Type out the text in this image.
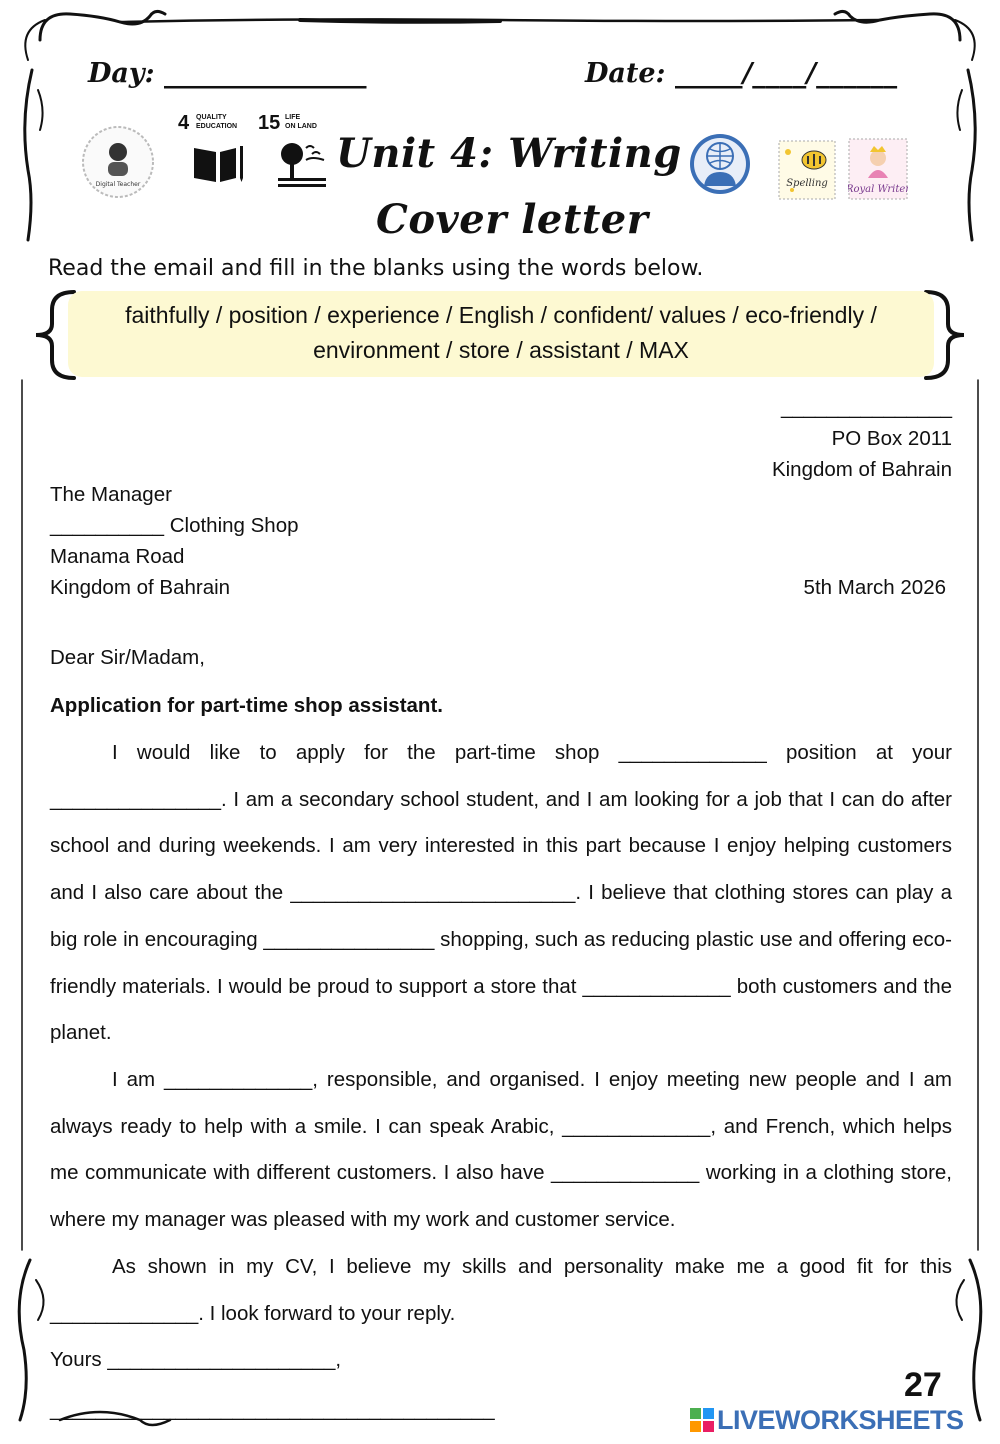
Day: _______________	Date: _____/____/______
Digital Teacher
4 QUALITY
EDUCATION 15 LIFE
ON LAND
Unit 4: Writing
Cover letter
Spelling
Royal Writer
Read the email and fill in the blanks using the words below.
faithfully / position / experience / English / confident/ values / eco-friendly /
environment / store / assistant / MAX
_______________
PO Box 2011
Kingdom of Bahrain
The Manager
__________ Clothing Shop
Manama Road
Kingdom of Bahrain	5th March 2026
Dear Sir/Madam,
Application for part-time shop assistant.
I would like to apply for the part-time shop _____________ position at your _______________. I am a secondary school student, and I am looking for a job that I can do after school and during weekends. I am very interested in this part because I enjoy helping customers and I also care about the _________________________. I believe that clothing stores can play a big role in encouraging _______________ shopping, such as reducing plastic use and offering eco-friendly materials. I would be proud to support a store that _____________ both customers and the planet.
I am _____________, responsible, and organised. I enjoy meeting new people and I am always ready to help with a smile. I can speak Arabic, _____________, and French, which helps me communicate with different customers. I also have _____________ working in a clothing store, where my manager was pleased with my work and customer service.
As shown in my CV, I believe my skills and personality make me a good fit for this _____________. I look forward to your reply.
Yours ____________________,
_______________________________________
27
LIVEWORKSHEETS
